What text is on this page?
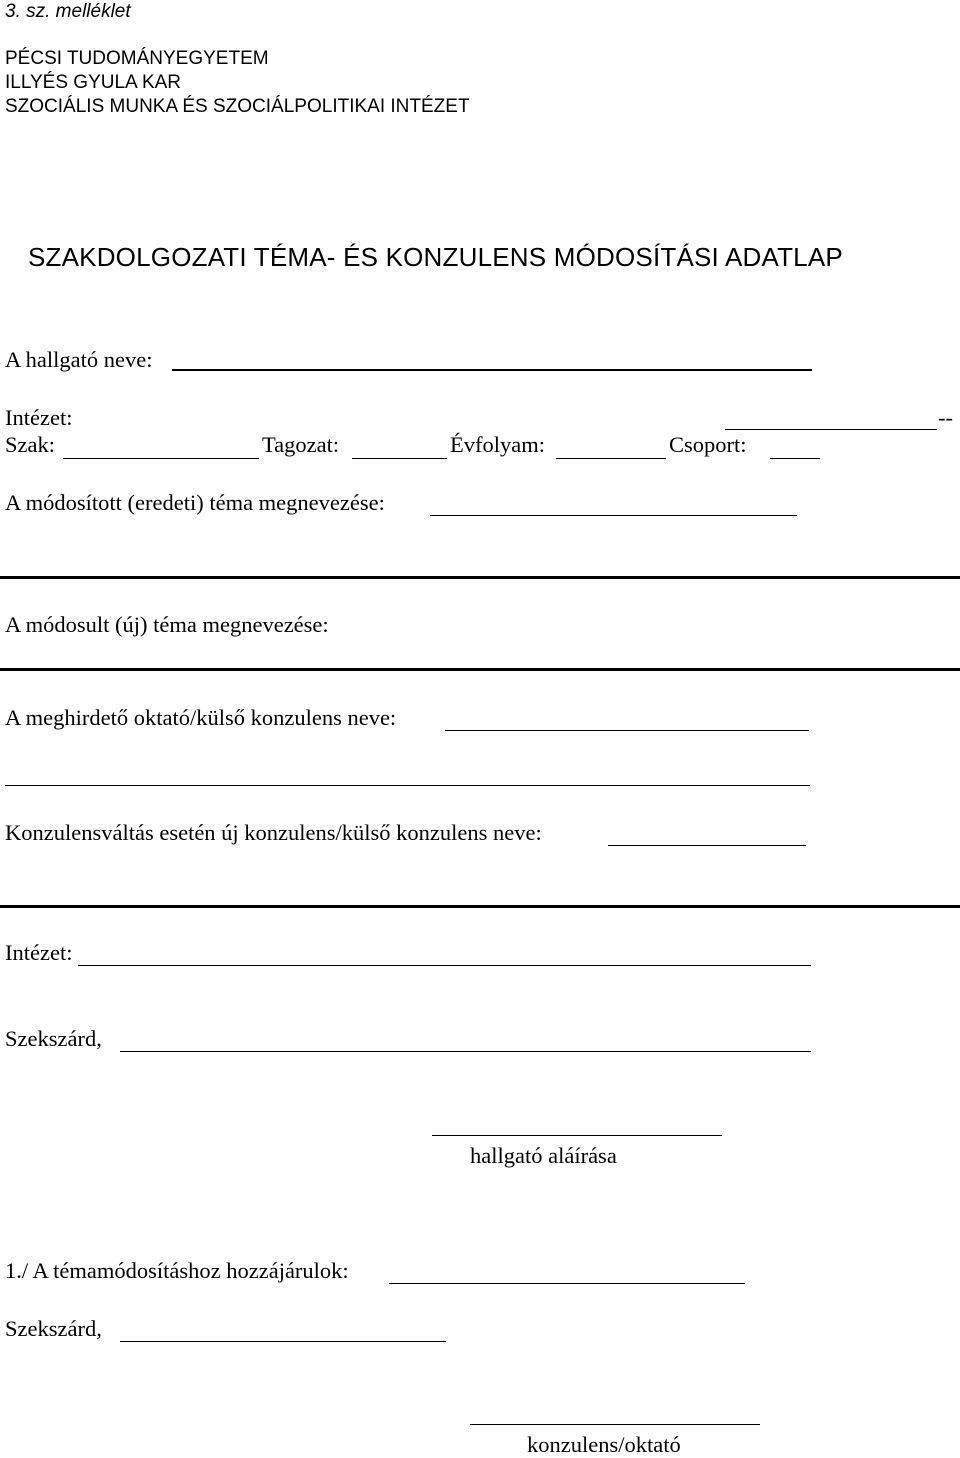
3. sz. melléklet
PÉCSI TUDOMÁNYEGYETEM
ILLYÉS GYULA KAR
SZOCIÁLIS MUNKA ÉS SZOCIÁLPOLITIKAI INTÉZET
SZAKDOLGOZATI TÉMA- ÉS KONZULENS MÓDOSÍTÁSI ADATLAP
A hallgató neve:
Intézet:	--
Szak:	Tagozat:	Évfolyam:	Csoport:
A módosított (eredeti) téma megnevezése:
A módosult (új) téma megnevezése:
A meghirdető oktató/külső konzulens neve:
Konzulensváltás esetén új konzulens/külső konzulens neve:
Intézet:
Szekszárd,
hallgató aláírása
1./ A témamódosításhoz hozzájárulok:
Szekszárd,
konzulens/oktató
